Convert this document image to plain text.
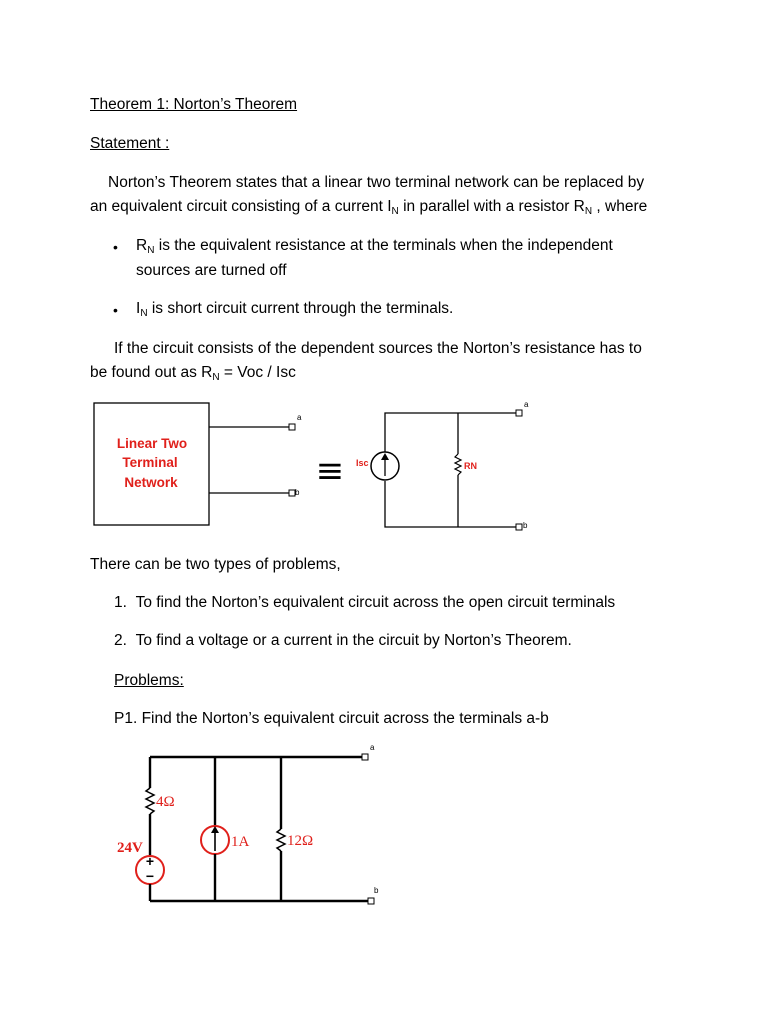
Theorem 1: Norton’s Theorem
Statement :
Norton’s Theorem states that a linear two terminal network can be replaced by
an equivalent circuit consisting of a current $I_N$ in parallel with a resistor $R_N$ , where
• $R_N$ is the equivalent resistance at the terminals when the independent
sources are turned off
• $I_N$ is short circuit current through the terminals.
If the circuit consists of the dependent sources the Norton’s resistance has to
be found out as $R_N$ = Voc / Isc
Linear Two
Terminal
Network
a
b
≡ Isc	RN
a
b
There can be two types of problems,
1. To find the Norton’s equivalent circuit across the open circuit terminals
2. To find a voltage or a current in the circuit by Norton’s Theorem.
Problems:
P1. Find the Norton’s equivalent circuit across the terminals a-b
+
−
4Ω
24V	1A	12Ω
a
b
